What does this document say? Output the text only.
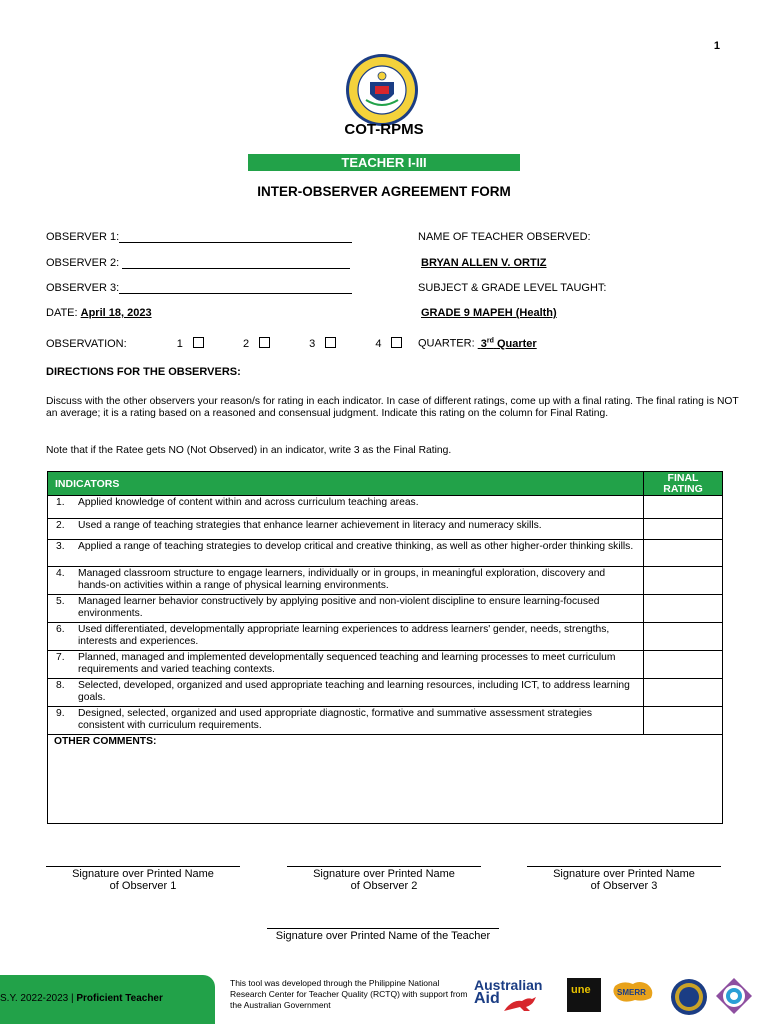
1
COT-RPMS
TEACHER I-III
INTER-OBSERVER AGREEMENT FORM
OBSERVER 1:
OBSERVER 2:
OBSERVER 3:
DATE: April 18, 2023
OBSERVATION:	1	2	3	4
NAME OF TEACHER OBSERVED:
BRYAN ALLEN V. ORTIZ
SUBJECT & GRADE LEVEL TAUGHT:
GRADE 9 MAPEH (Health)
QUARTER: 3rd Quarter
DIRECTIONS FOR THE OBSERVERS:
Discuss with the other observers your reason/s for rating in each indicator. In case of different ratings, come up with a final rating. The final rating is NOT an average; it is a rating based on a reasoned and consensual judgment. Indicate this rating on the column for Final Rating.
Note that if the Ratee gets NO (Not Observed) in an indicator, write 3 as the Final Rating.
INDICATORS	FINAL
RATING

1. Applied knowledge of content within and across curriculum teaching areas.	

2. Used a range of teaching strategies that enhance learner achievement in literacy and numeracy skills.	

3. Applied a range of teaching strategies to develop critical and creative thinking, as well as other higher-order thinking skills.	

4. Managed classroom structure to engage learners, individually or in groups, in meaningful exploration, discovery and hands-on activities within a range of physical learning environments.	

5. Managed learner behavior constructively by applying positive and non-violent discipline to ensure learning-focused environments.	

6. Used differentiated, developmentally appropriate learning experiences to address learners' gender, needs, strengths, interests and experiences.	

7. Planned, managed and implemented developmentally sequenced teaching and learning processes to meet curriculum requirements and varied teaching contexts.	

8. Selected, developed, organized and used appropriate teaching and learning resources, including ICT, to address learning goals.	

9. Designed, selected, organized and used appropriate diagnostic, formative and summative assessment strategies consistent with curriculum requirements.	

OTHER COMMENTS:	
Signature over Printed Name
of Observer 1
Signature over Printed Name
of Observer 2
Signature over Printed Name
of Observer 3
Signature over Printed Name of the Teacher
S.Y. 2022-2023 | Proficient Teacher
This tool was developed through the Philippine National Research Center for Teacher Quality (RCTQ) with support from the Australian Government
Australian
Aid	une	SMERR
